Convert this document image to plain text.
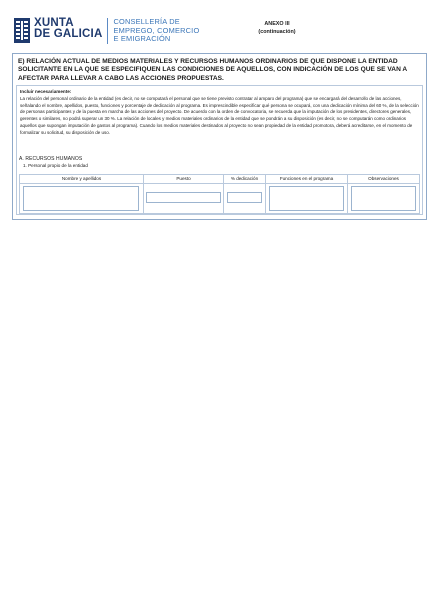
XUNTA
DE GALICIA
CONSELLERÍA DE
EMPREGO, COMERCIO
E EMIGRACIÓN
ANEXO III
(continuación)
E) RELACIÓN ACTUAL DE MEDIOS MATERIALES Y RECURSOS HUMANOS ORDINARIOS DE QUE DISPONE LA ENTIDAD SOLICITANTE EN LA QUE SE ESPECIFIQUEN LAS CONDICIONES DE AQUELLOS, CON INDICACIÓN DE LOS QUE SE VAN A AFECTAR PARA LLEVAR A CABO LAS ACCIONES PROPUESTAS.
Incluir necesariamente:

La relación del personal ordinario de la entidad (es decir, no se computará el personal que se tiene previsto contratar al amparo del programa) que se encargará del desarrollo de las acciones, señalando el nombre, apellidos, puesto, funciones y porcentaje de dedicación al programa. Es imprescindible especificar qué persona se ocupará, con una dedicación mínima del 60 %, de la selección de personas participantes y de la puesta en marcha de las acciones del proyecto. De acuerdo con la orden de convocatoria, se recuerda que la imputación de los presidentes, directores generales, gerentes o similares, no podrá superar un 30 %. La relación de locales y medios materiales ordinarios de la entidad que se pondrán a su disposición (es decir, no se computarán como ordinarios aquellos que supongan imputación de gastos al programa). Cuando los medios materiales destinados al proyecto no sean propiedad de la entidad promotora, deberá acreditarse, en el momento de formalizar su solicitud, su disposición de uso.

A. RECURSOS HUMANOS
1. Personal propio de la entidad
Nombre y apellidos	Puesto	% dedicación	Funciones en el programa	Observaciones
